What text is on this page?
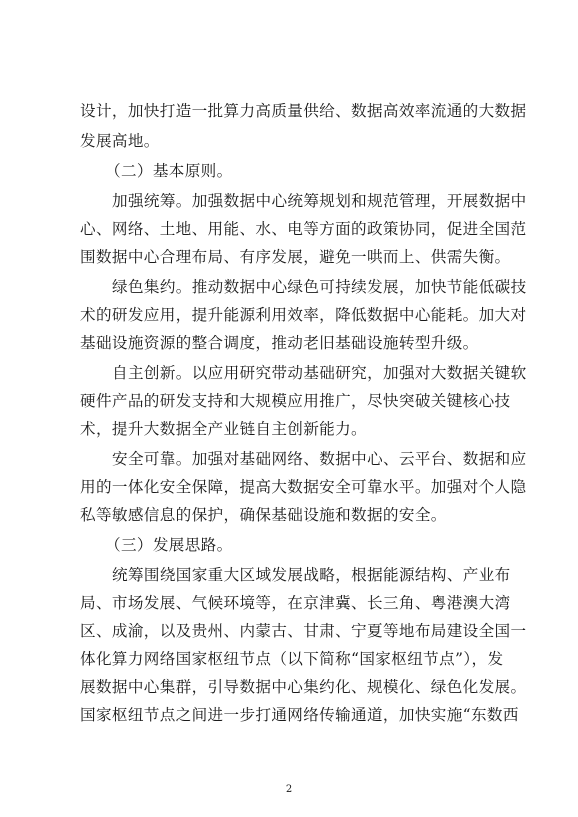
设计，加快打造一批算力高质量供给、数据高效率流通的大数据
发展高地。
（二）基本原则。
加强统筹。加强数据中心统筹规划和规范管理，开展数据中
心、网络、土地、用能、水、电等方面的政策协同，促进全国范
围数据中心合理布局、有序发展，避免一哄而上、供需失衡。
绿色集约。推动数据中心绿色可持续发展，加快节能低碳技
术的研发应用，提升能源利用效率，降低数据中心能耗。加大对
基础设施资源的整合调度，推动老旧基础设施转型升级。
自主创新。以应用研究带动基础研究，加强对大数据关键软
硬件产品的研发支持和大规模应用推广，尽快突破关键核心技
术，提升大数据全产业链自主创新能力。
安全可靠。加强对基础网络、数据中心、云平台、数据和应
用的一体化安全保障，提高大数据安全可靠水平。加强对个人隐
私等敏感信息的保护，确保基础设施和数据的安全。
（三）发展思路。
统筹围绕国家重大区域发展战略，根据能源结构、产业布
局、市场发展、气候环境等，在京津冀、长三角、粤港澳大湾
区、成渝，以及贵州、内蒙古、甘肃、宁夏等地布局建设全国一
体化算力网络国家枢纽节点（以下简称“国家枢纽节点”），发
展数据中心集群，引导数据中心集约化、规模化、绿色化发展。
国家枢纽节点之间进一步打通网络传输通道，加快实施“东数西
2
